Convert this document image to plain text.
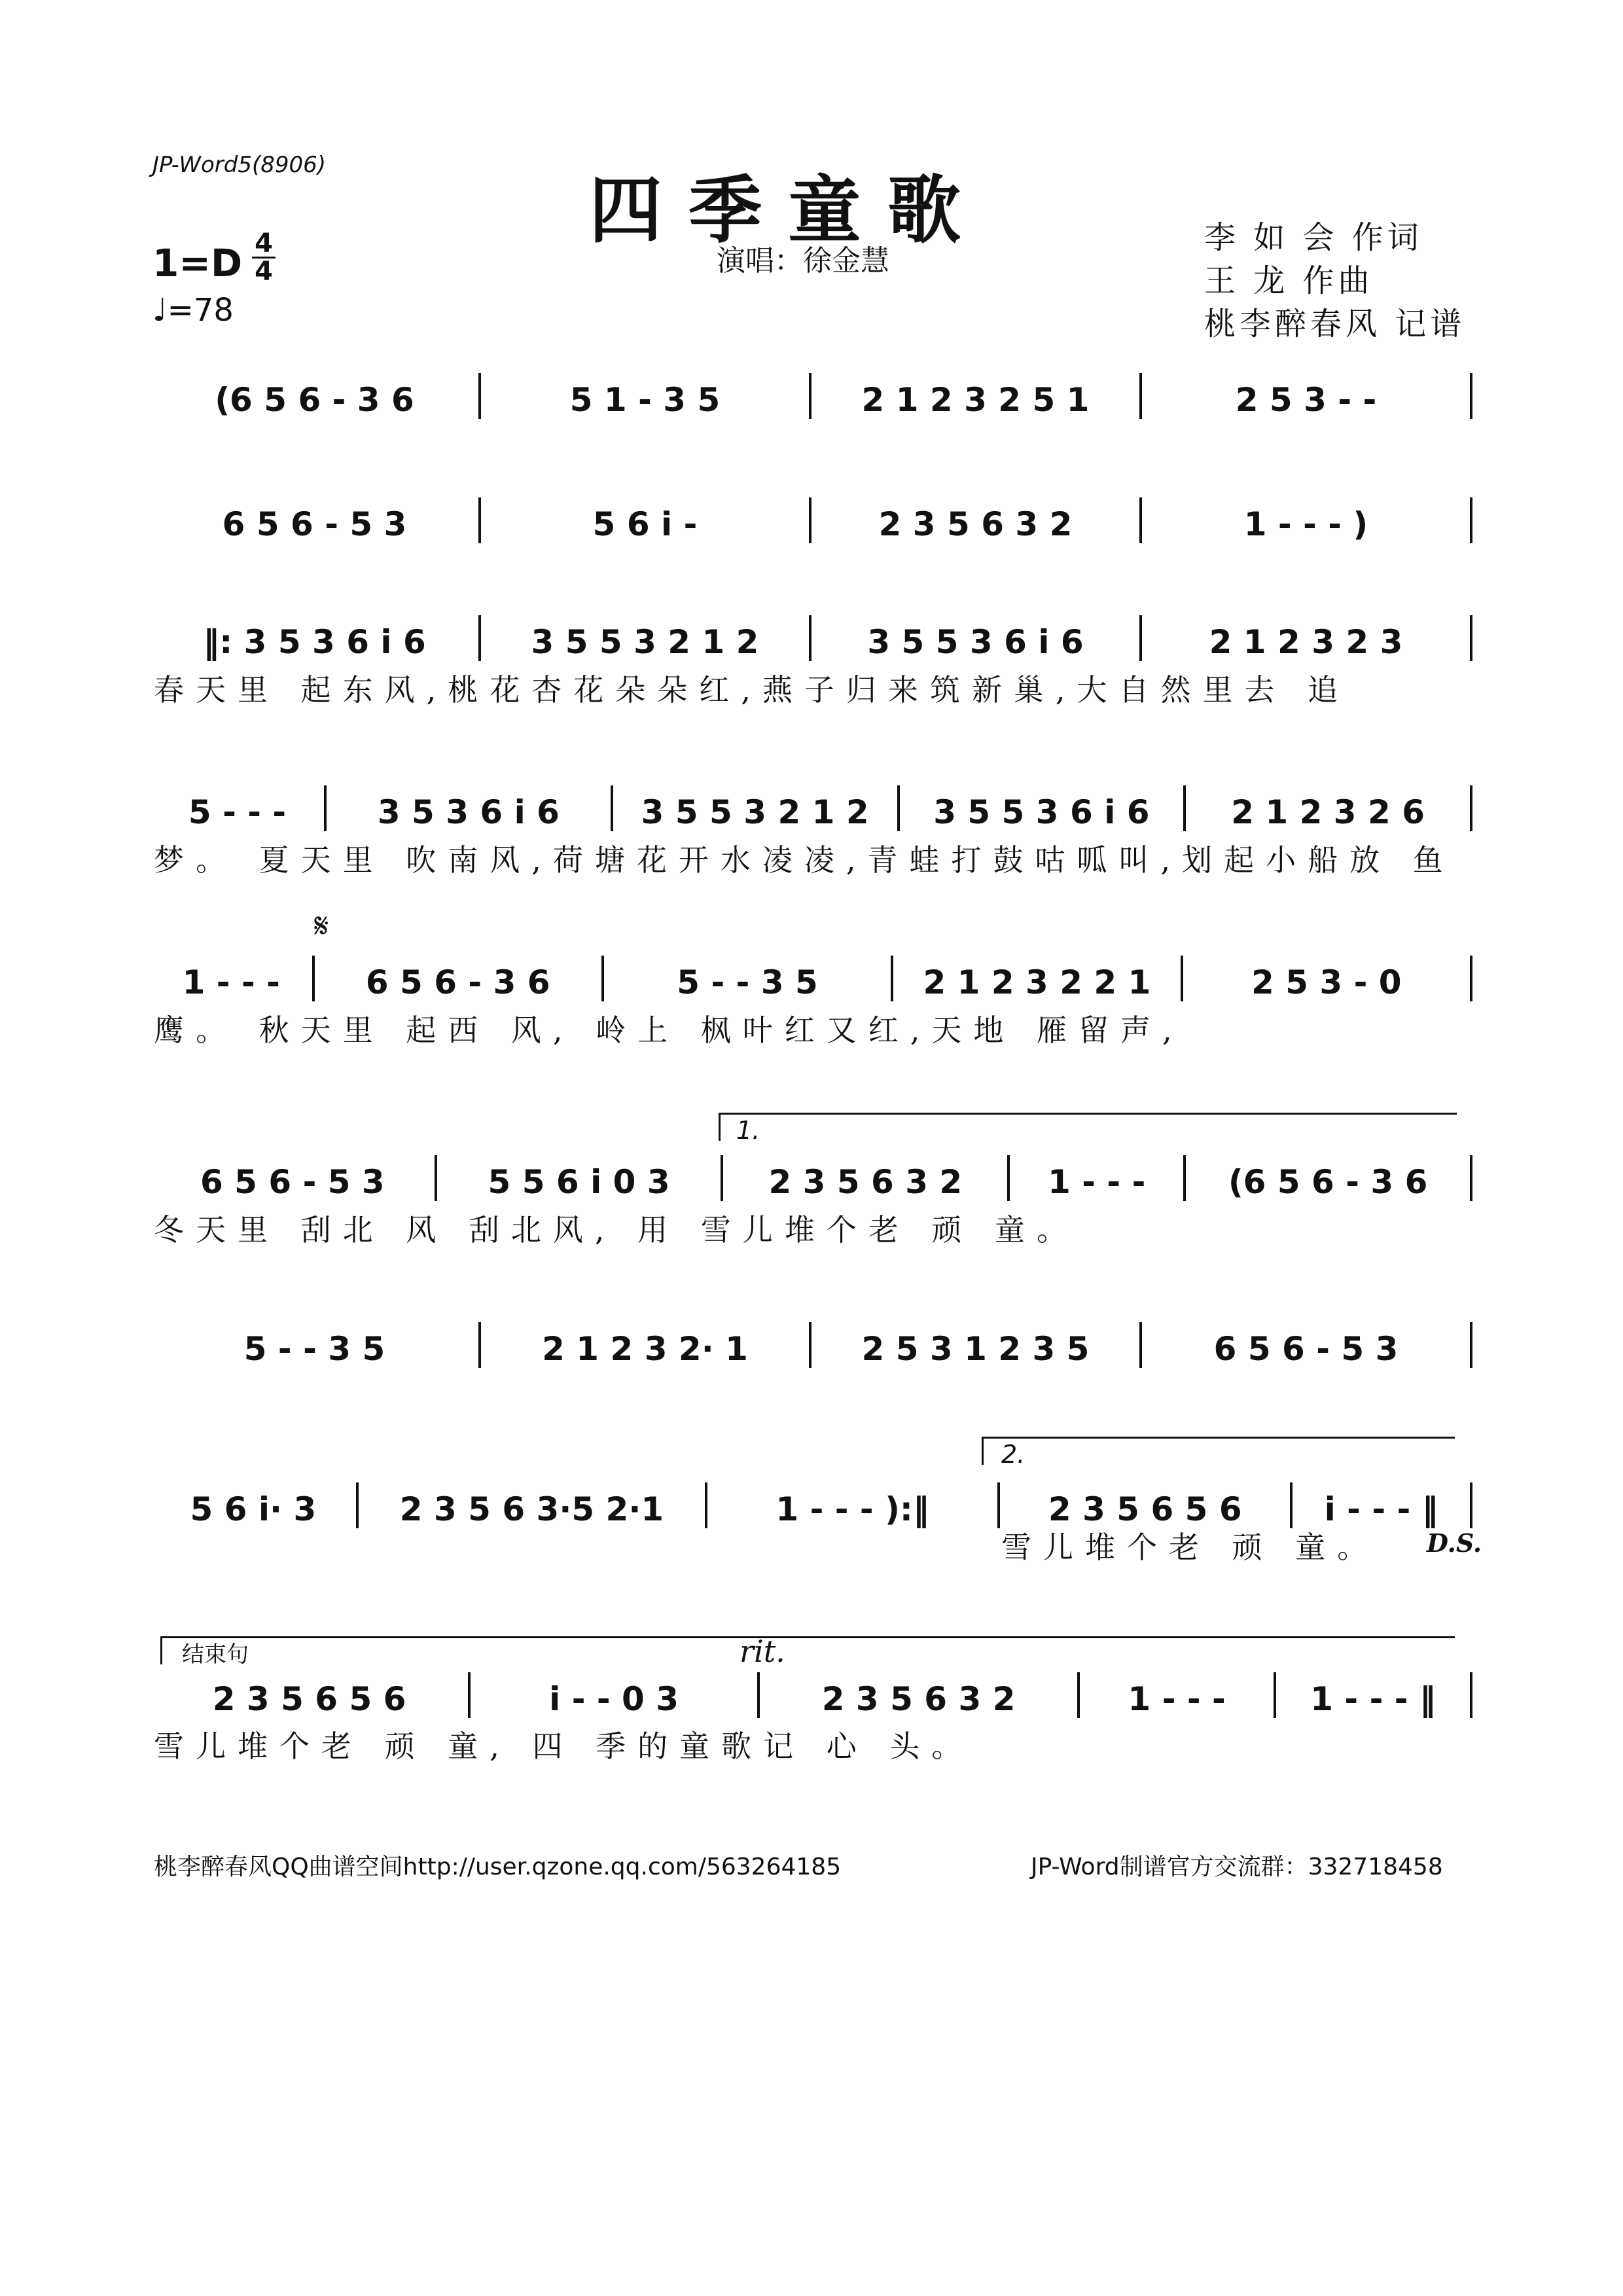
JP-Word5(8906)
四季童歌
1=D 4
4
♩=78
演唱：徐金慧
李 如 会 作词
王 龙 作曲
桃李醉春风 记谱
(6 5 6 - 3 6	5 1 - 3 5	2 1 2 3 2 5 1	2 5 3 - -
6 5 6 - 5 3	5 6 i -	2 3 5 6 3 2	1 - - - )
‖: 3 5 3 6 i 6	3 5 5 3 2 1 2	3 5 5 3 6 i 6	2 1 2 3 2 3
春天里 起东风,桃花杏花朵朵红,燕子归来筑新巢,大自然里去 追
5 - - -	3 5 3 6 i 6	3 5 5 3 2 1 2	3 5 5 3 6 i 6	2 1 2 3 2 6
梦。 夏天里 吹南风,荷塘花开水凌凌,青蛙打鼓咕呱叫,划起小船放 鱼
𝄋
1 - - -	6 5 6 - 3 6	5 - - 3 5	2 1 2 3 2 2 1	2 5 3 - 0
鹰。 秋天里 起西 风, 岭上 枫叶红又红,天地 雁留声,
1.
6 5 6 - 5 3	5 5 6 i 0 3	2 3 5 6 3 2	1 - - -	(6 5 6 - 3 6
冬天里 刮北 风 刮北风, 用 雪儿堆个老 顽 童。
5 - - 3 5	2 1 2 3 2· 1	2 5 3 1 2 3 5	6 5 6 - 5 3
2.
5 6 i· 3	2 3 5 6 3·5 2·1	1 - - - ):‖	2 3 5 6 5 6	i - - - ‖
雪儿堆个老 顽 童。	D.S.
结束句	rit.
2 3 5 6 5 6	i - - 0 3	2 3 5 6 3 2	1 - - -	1 - - - ‖
雪儿堆个老 顽 童, 四 季的童歌记 心 头。
桃李醉春风QQ曲谱空间http://user.qzone.qq.com/563264185	JP-Word制谱官方交流群：332718458
